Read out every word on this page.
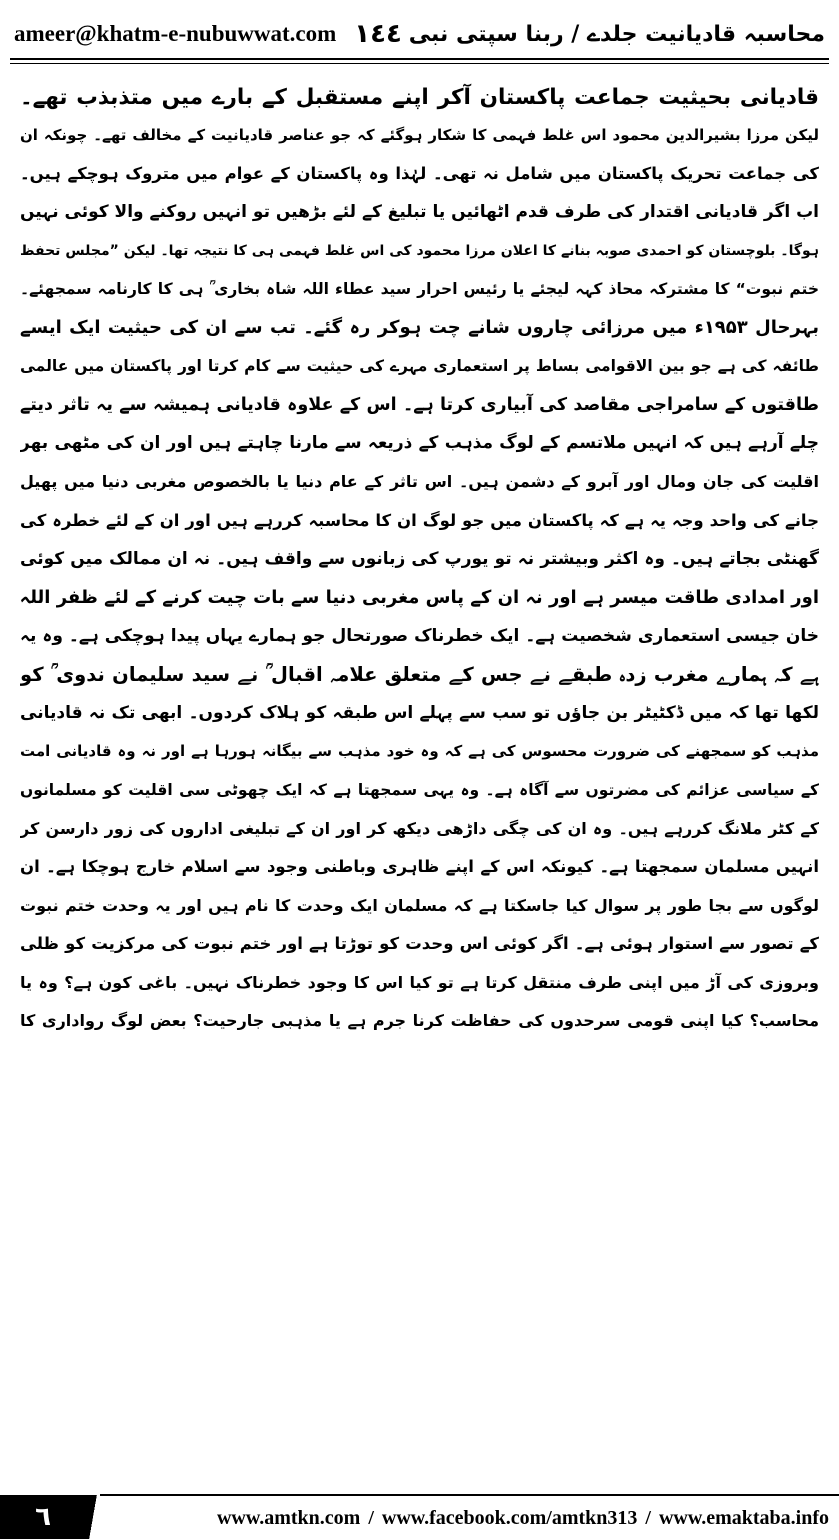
ameer@khatm-e-nubuwwat.com ١٤٤ محاسبہ قادیانیت جلدے / ربنا سپتی نبی
قادیانی بحیثیت جماعت پاکستان آکر اپنے مستقبل کے بارے میں متذبذب تھے۔
لیکن مرزا بشیرالدین محمود اس غلط فہمی کا شکار ہوگئے کہ جو عناصر قادیانیت کے مخالف تھے۔ چونکہ ان
کی جماعت تحریک پاکستان میں شامل نہ تھی۔ لہٰذا وہ پاکستان کے عوام میں متروک ہوچکے ہیں۔
اب اگر قادیانی اقتدار کی طرف قدم اٹھائیں یا تبلیغ کے لئے بڑھیں تو انہیں روکنے والا کوئی نہیں
ہوگا۔ بلوچستان کو احمدی صوبہ بنانے کا اعلان مرزا محمود کی اس غلط فہمی ہی کا نتیجہ تھا۔ لیکن ”مجلس تحفظ
ختم نبوت“ کا مشترکہ محاذ کہہ لیجئے یا رئیس احرار سید عطاء اللہ شاہ بخاری ؒ ہی کا کارنامہ سمجھئے۔
بہرحال ۱۹۵۳ء میں مرزائی چاروں شانے چت ہوکر رہ گئے۔ تب سے ان کی حیثیت ایک ایسے
طائفہ کی ہے جو بین الاقوامی بساط پر استعماری مہرے کی حیثیت سے کام کرتا اور پاکستان میں عالمی
طاقتوں کے سامراجی مقاصد کی آبیاری کرتا ہے۔ اس کے علاوہ قادیانی ہمیشہ سے یہ تاثر دیتے
چلے آرہے ہیں کہ انہیں ملاتسم کے لوگ مذہب کے ذریعہ سے مارنا چاہتے ہیں اور ان کی مٹھی بھر
اقلیت کی جان ومال اور آبرو کے دشمن ہیں۔ اس تاثر کے عام دنیا یا بالخصوص مغربی دنیا میں پھیل
جانے کی واحد وجہ یہ ہے کہ پاکستان میں جو لوگ ان کا محاسبہ کررہے ہیں اور ان کے لئے خطرہ کی
گھنٹی بجاتے ہیں۔ وہ اکثر وبیشتر نہ تو یورپ کی زبانوں سے واقف ہیں۔ نہ ان ممالک میں کوئی
اور امدادی طاقت میسر ہے اور نہ ان کے پاس مغربی دنیا سے بات چیت کرنے کے لئے ظفر اللہ
خان جیسی استعماری شخصیت ہے۔ ایک خطرناک صورتحال جو ہمارے یہاں پیدا ہوچکی ہے۔ وہ یہ
ہے کہ ہمارے مغرب زدہ طبقے نے جس کے متعلق علامہ اقبال ؒ نے سید سلیمان ندوی ؒ کو
لکھا تھا کہ میں ڈکٹیٹر بن جاؤں تو سب سے پہلے اس طبقہ کو ہلاک کردوں۔ ابھی تک نہ قادیانی
مذہب کو سمجھنے کی ضرورت محسوس کی ہے کہ وہ خود مذہب سے بیگانہ ہورہا ہے اور نہ وہ قادیانی امت
کے سیاسی عزائم کی مضرتوں سے آگاہ ہے۔ وہ یہی سمجھتا ہے کہ ایک چھوٹی سی اقلیت کو مسلمانوں
کے کٹر ملانگ کررہے ہیں۔ وہ ان کی چگی داڑھی دیکھ کر اور ان کے تبلیغی اداروں کی زور دارسن کر
انہیں مسلمان سمجھتا ہے۔ کیونکہ اس کے اپنے ظاہری وباطنی وجود سے اسلام خارج ہوچکا ہے۔ ان
لوگوں سے بجا طور پر سوال کیا جاسکتا ہے کہ مسلمان ایک وحدت کا نام ہیں اور یہ وحدت ختم نبوت
کے تصور سے استوار ہوئی ہے۔ اگر کوئی اس وحدت کو توڑتا ہے اور ختم نبوت کی مرکزیت کو ظلی
وبروزی کی آڑ میں اپنی طرف منتقل کرتا ہے تو کیا اس کا وجود خطرناک نہیں۔ باغی کون ہے؟ وہ یا
محاسب؟ کیا اپنی قومی سرحدوں کی حفاظت کرنا جرم ہے یا مذہبی جارحیت؟ بعض لوگ رواداری کا
٦	www.amtkn.com / www.facebook.com/amtkn313 / www.emaktaba.info
